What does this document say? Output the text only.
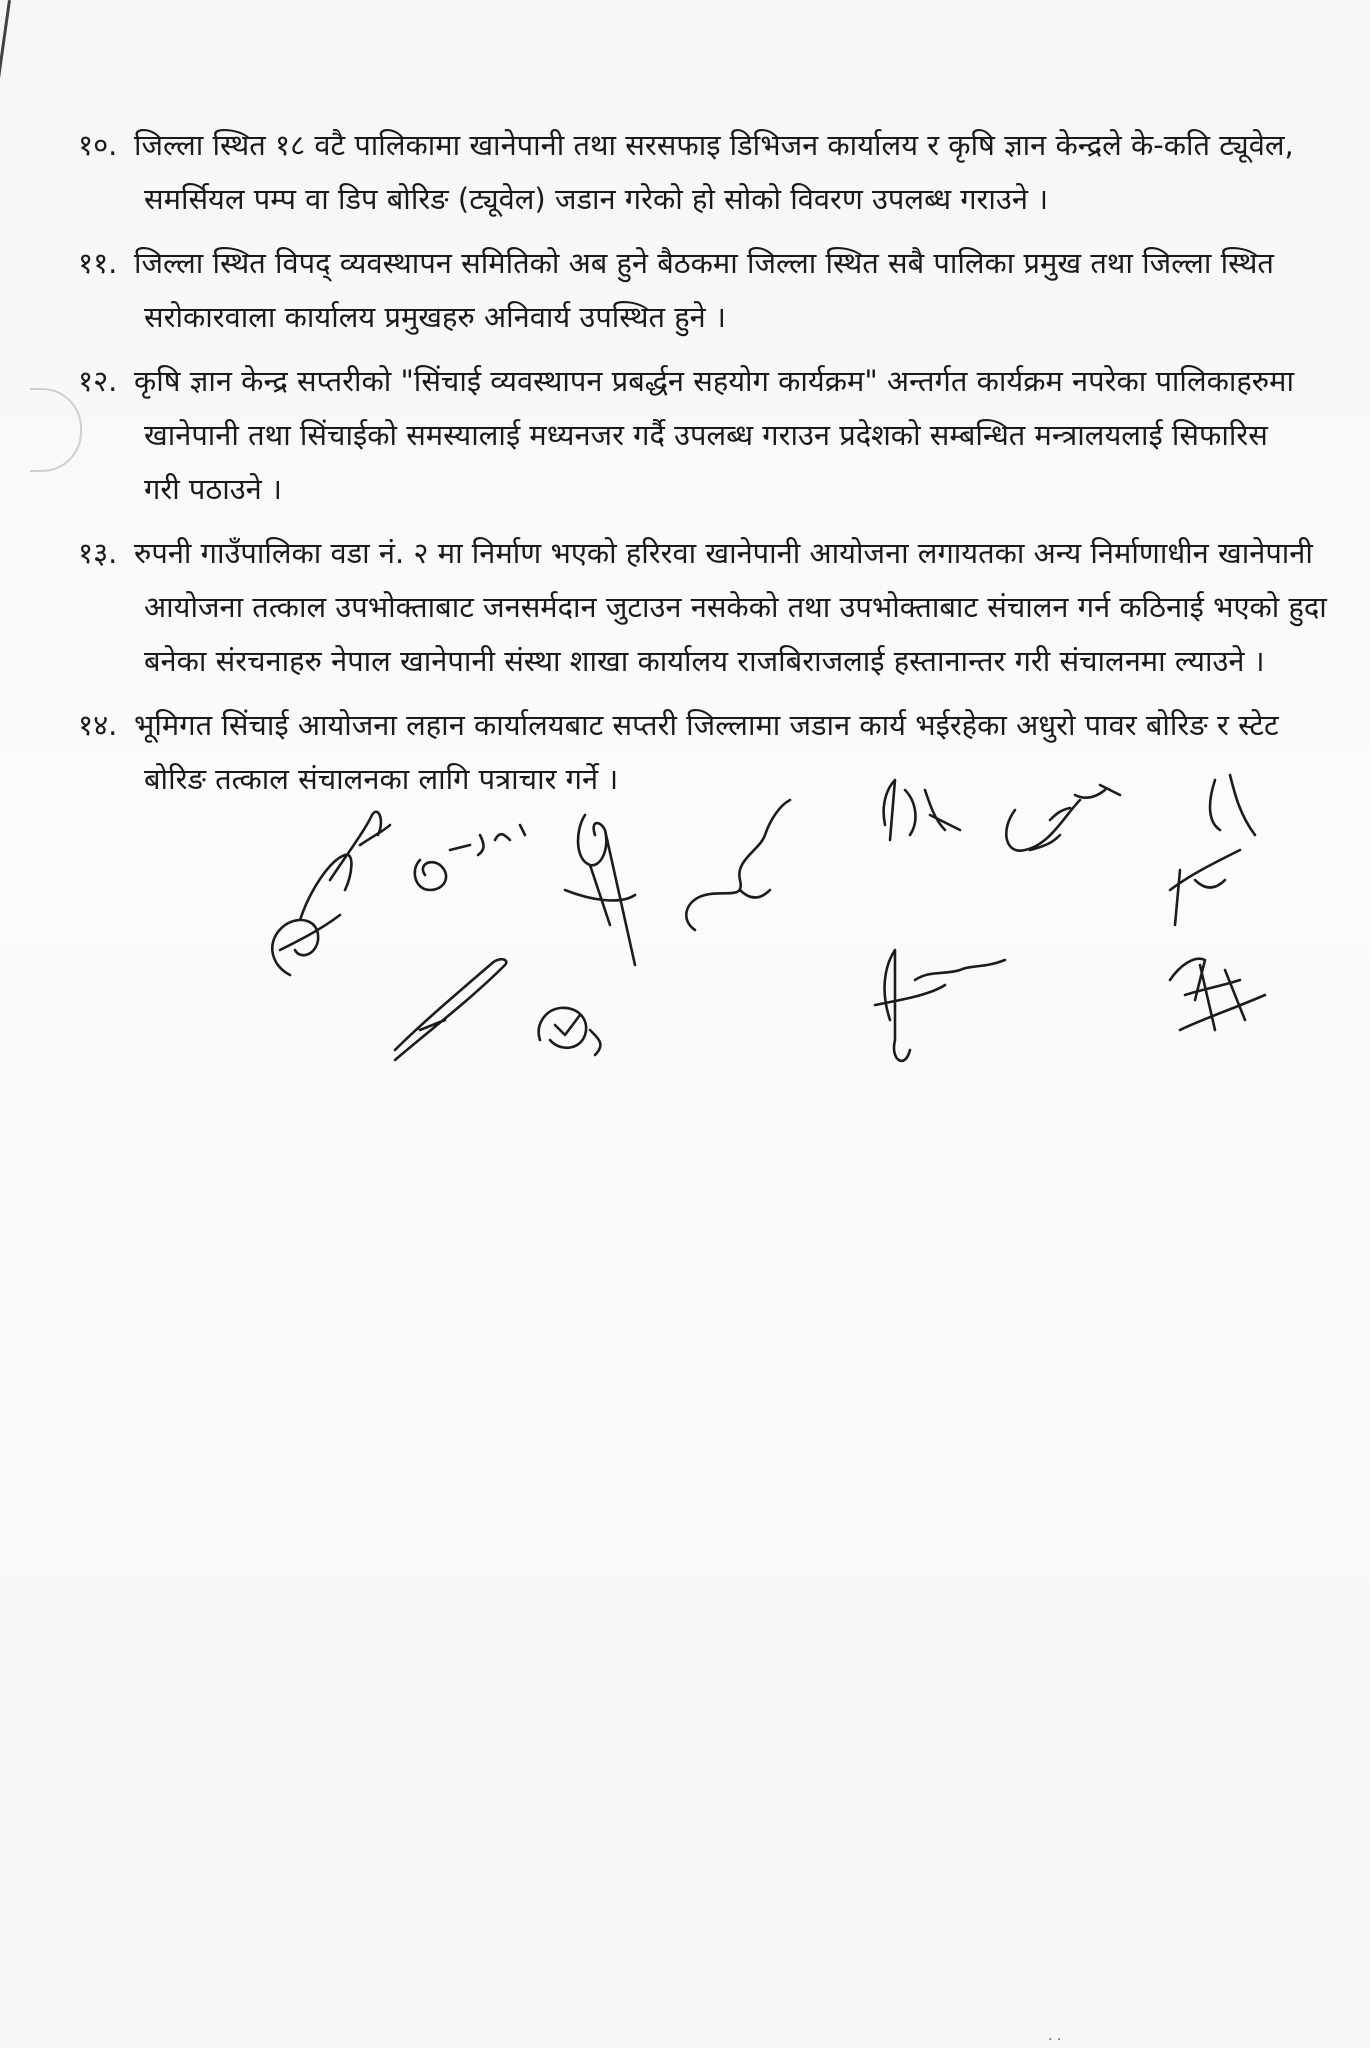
१०. जिल्ला स्थित १८ वटै पालिकामा खानेपानी तथा सरसफाइ डिभिजन कार्यालय र कृषि ज्ञान केन्द्रले के-कति ट्यूवेल,
समर्सियल पम्प वा डिप बोरिङ (ट्यूवेल) जडान गरेको हो सोको विवरण उपलब्ध गराउने ।
११. जिल्ला स्थित विपद् व्यवस्थापन समितिको अब हुने बैठकमा जिल्ला स्थित सबै पालिका प्रमुख तथा जिल्ला स्थित
सरोकारवाला कार्यालय प्रमुखहरु अनिवार्य उपस्थित हुने ।
१२. कृषि ज्ञान केन्द्र सप्तरीको "सिंचाई व्यवस्थापन प्रबर्द्धन सहयोग कार्यक्रम" अन्तर्गत कार्यक्रम नपरेका पालिकाहरुमा
खानेपानी तथा सिंचाईको समस्यालाई मध्यनजर गर्दै उपलब्ध गराउन प्रदेशको सम्बन्धित मन्त्रालयलाई सिफारिस
गरी पठाउने ।
१३. रुपनी गाउँपालिका वडा नं. २ मा निर्माण भएको हरिरवा खानेपानी आयोजना लगायतका अन्य निर्माणाधीन खानेपानी
आयोजना तत्काल उपभोक्ताबाट जनसर्मदान जुटाउन नसकेको तथा उपभोक्ताबाट संचालन गर्न कठिनाई भएको हुदा
बनेका संरचनाहरु नेपाल खानेपानी संस्था शाखा कार्यालय राजबिराजलाई हस्तानान्तर गरी संचालनमा ल्याउने ।
१४. भूमिगत सिंचाई आयोजना लहान कार्यालयबाट सप्तरी जिल्लामा जडान कार्य भईरहेका अधुरो पावर बोरिङ र स्टेट
बोरिङ तत्काल संचालनका लागि पत्राचार गर्ने ।
. .
